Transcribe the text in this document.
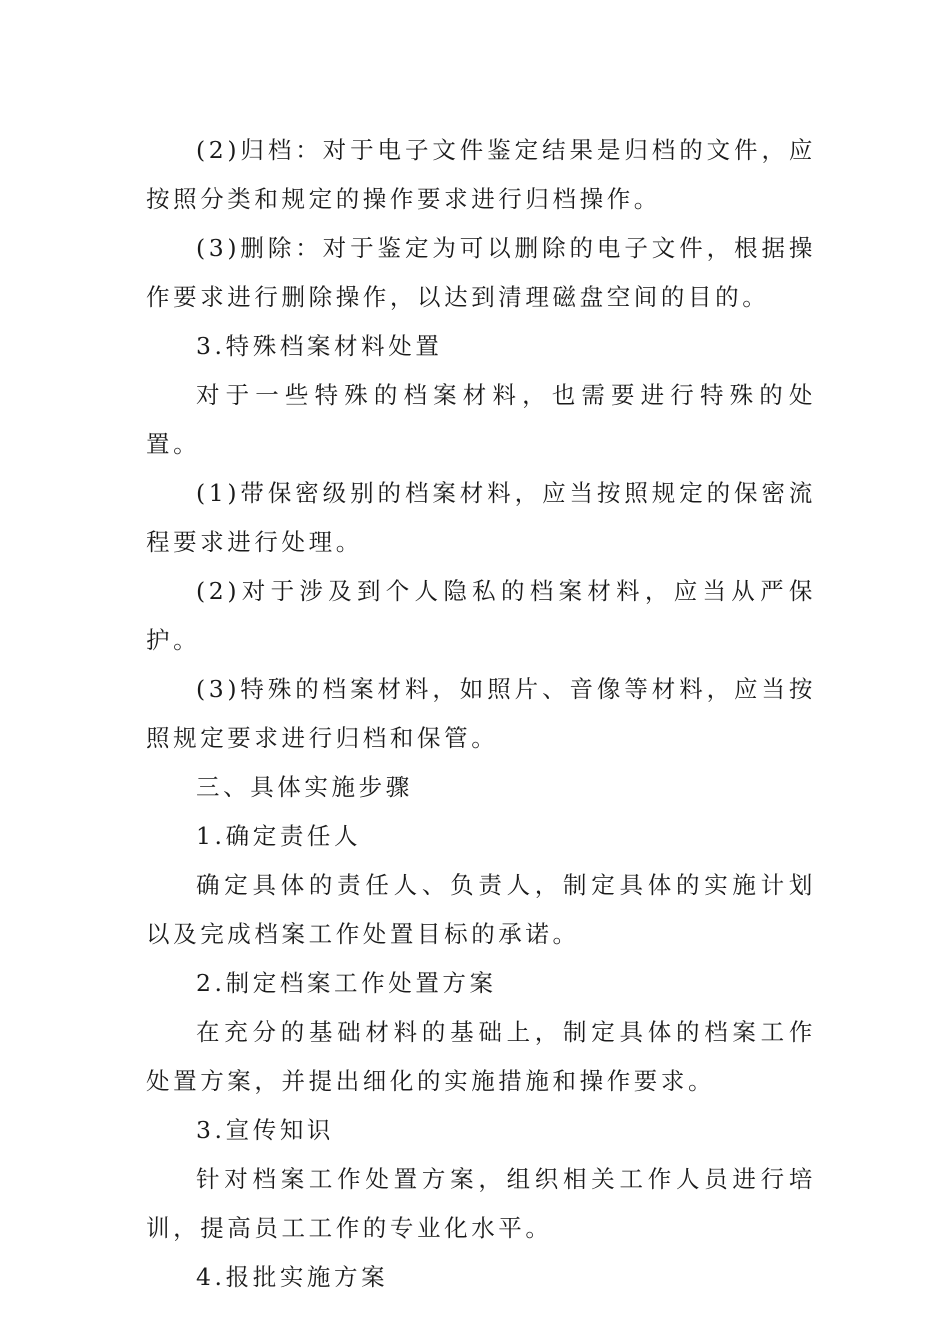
(2)归档：对于电子文件鉴定结果是归档的文件，应按照分类和规定的操作要求进行归档操作。

(3)删除：对于鉴定为可以删除的电子文件，根据操作要求进行删除操作，以达到清理磁盘空间的目的。

3.特殊档案材料处置

对于一些特殊的档案材料，也需要进行特殊的处置。

(1)带保密级别的档案材料，应当按照规定的保密流程要求进行处理。

(2)对于涉及到个人隐私的档案材料，应当从严保护。

(3)特殊的档案材料，如照片、音像等材料，应当按照规定要求进行归档和保管。

三、具体实施步骤

1.确定责任人

确定具体的责任人、负责人，制定具体的实施计划以及完成档案工作处置目标的承诺。

2.制定档案工作处置方案

在充分的基础材料的基础上，制定具体的档案工作处置方案，并提出细化的实施措施和操作要求。

3.宣传知识

针对档案工作处置方案，组织相关工作人员进行培训，提高员工工作的专业化水平。

4.报批实施方案
